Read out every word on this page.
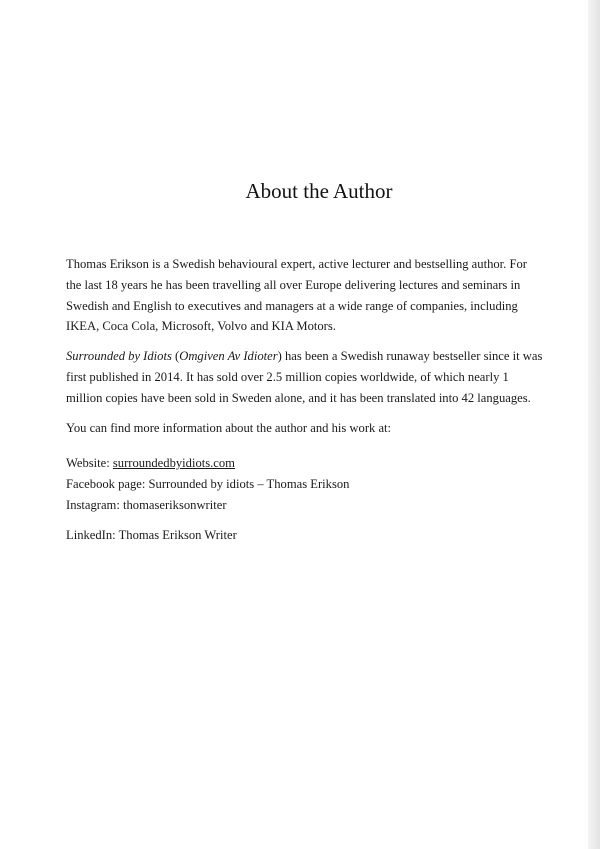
About the Author

Thomas Erikson is a Swedish behavioural expert, active lecturer and bestselling author. For
the last 18 years he has been travelling all over Europe delivering lectures and seminars in
Swedish and English to executives and managers at a wide range of companies, including
IKEA, Coca Cola, Microsoft, Volvo and KIA Motors.

Surrounded by Idiots (Omgiven Av Idioter) has been a Swedish runaway bestseller since it was
first published in 2014. It has sold over 2.5 million copies worldwide, of which nearly 1
million copies have been sold in Sweden alone, and it has been translated into 42 languages.

You can find more information about the author and his work at:

Website: surroundedbyidiots.com
Facebook page: Surrounded by idiots – Thomas Erikson
Instagram: thomaseriksonwriter

LinkedIn: Thomas Erikson Writer
